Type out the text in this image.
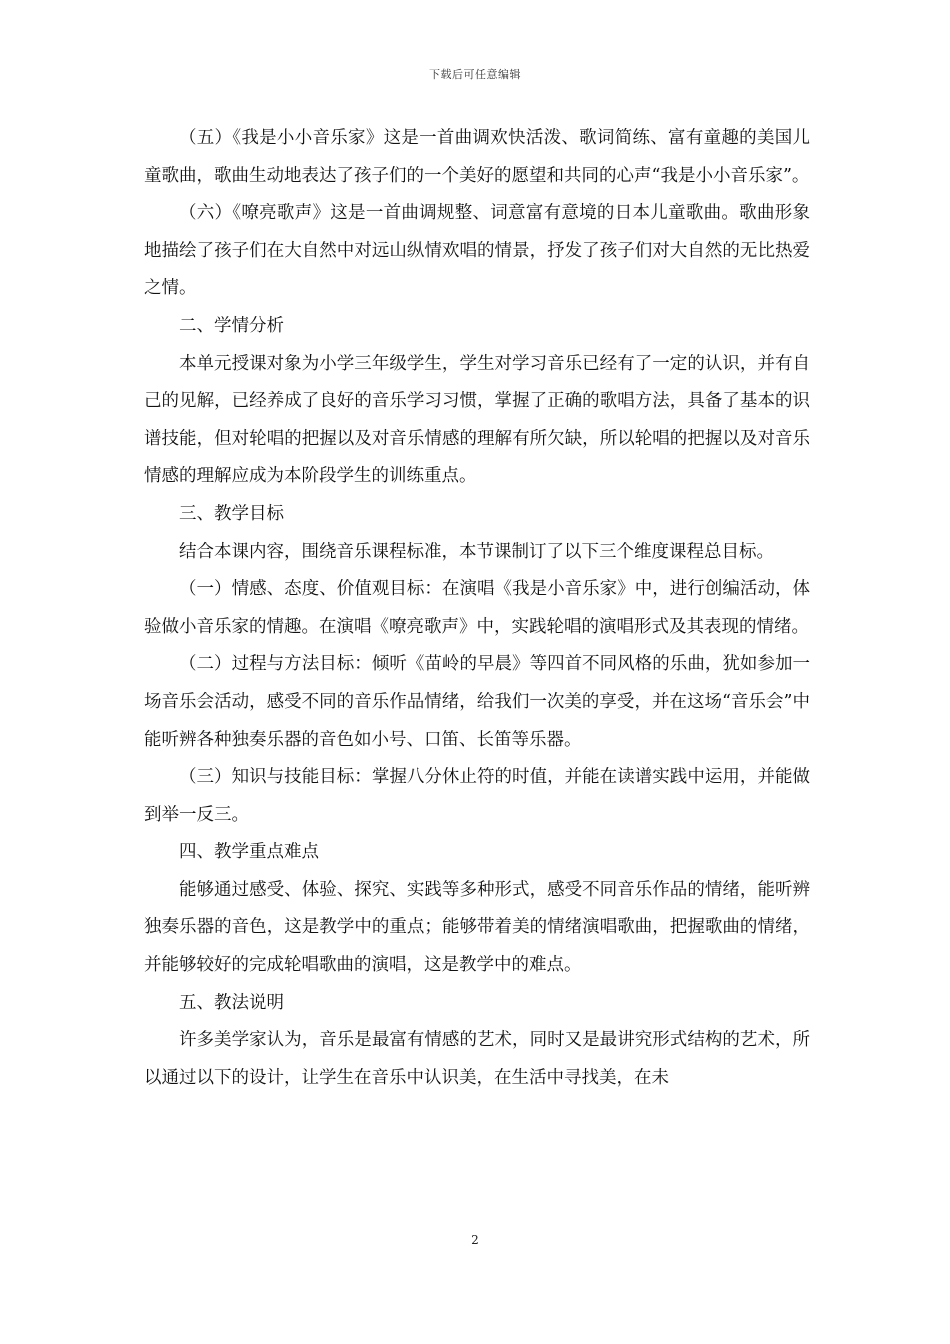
下载后可任意编辑

（五）《我是小小音乐家》这是一首曲调欢快活泼、歌词简练、富有童趣的美国儿童歌曲，歌曲生动地表达了孩子们的一个美好的愿望和共同的心声“我是小小音乐家”。

（六）《嘹亮歌声》这是一首曲调规整、词意富有意境的日本儿童歌曲。歌曲形象地描绘了孩子们在大自然中对远山纵情欢唱的情景，抒发了孩子们对大自然的无比热爱之情。

二、学情分析

本单元授课对象为小学三年级学生，学生对学习音乐已经有了一定的认识，并有自己的见解，已经养成了良好的音乐学习习惯，掌握了正确的歌唱方法，具备了基本的识谱技能，但对轮唱的把握以及对音乐情感的理解有所欠缺，所以轮唱的把握以及对音乐情感的理解应成为本阶段学生的训练重点。

三、教学目标

结合本课内容，围绕音乐课程标准，本节课制订了以下三个维度课程总目标。

（一）情感、态度、价值观目标：在演唱《我是小音乐家》中，进行创编活动，体验做小音乐家的情趣。在演唱《嘹亮歌声》中，实践轮唱的演唱形式及其表现的情绪。

（二）过程与方法目标：倾听《苗岭的早晨》等四首不同风格的乐曲，犹如参加一场音乐会活动，感受不同的音乐作品情绪，给我们一次美的享受，并在这场“音乐会”中能听辨各种独奏乐器的音色如小号、口笛、长笛等乐器。

（三）知识与技能目标：掌握八分休止符的时值，并能在读谱实践中运用，并能做到举一反三。

四、教学重点难点

能够通过感受、体验、探究、实践等多种形式，感受不同音乐作品的情绪，能听辨独奏乐器的音色，这是教学中的重点；能够带着美的情绪演唱歌曲，把握歌曲的情绪，并能够较好的完成轮唱歌曲的演唱，这是教学中的难点。

五、教法说明

许多美学家认为，音乐是最富有情感的艺术，同时又是最讲究形式结构的艺术，所以通过以下的设计，让学生在音乐中认识美，在生活中寻找美，在未

2
